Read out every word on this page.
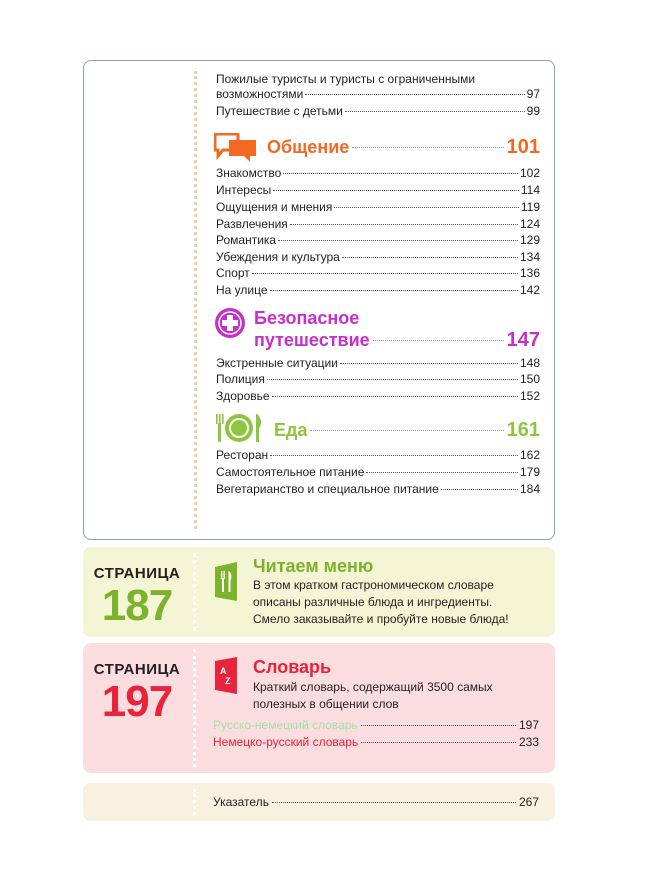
Пожилые туристы и туристы с ограниченными
возможностями	97
Путешествие с детьми	99
Общение	101
Знакомство	102
Интересы	114
Ощущения и мнения	119
Развлечения	124
Романтика	129
Убеждения и культура	134
Спорт	136
На улице	142
Безопасное
путешествие	147
Экстренные ситуации	148
Полиция	150
Здоровье	152
Еда	161
Ресторан	162
Самостоятельное питание	179
Вегетарианство и специальное питание	184
СТРАНИЦА
187
Читаем меню
В этом кратком гастрономическом словаре
описаны различные блюда и ингредиенты.
Смело заказывайте и пробуйте новые блюда!
СТРАНИЦА
197
A
Z
Словарь
Краткий словарь, содержащий 3500 самых
полезных в общении слов
Русско-немецкий словарь	197
Немецко-русский словарь	233
Указатель	267
